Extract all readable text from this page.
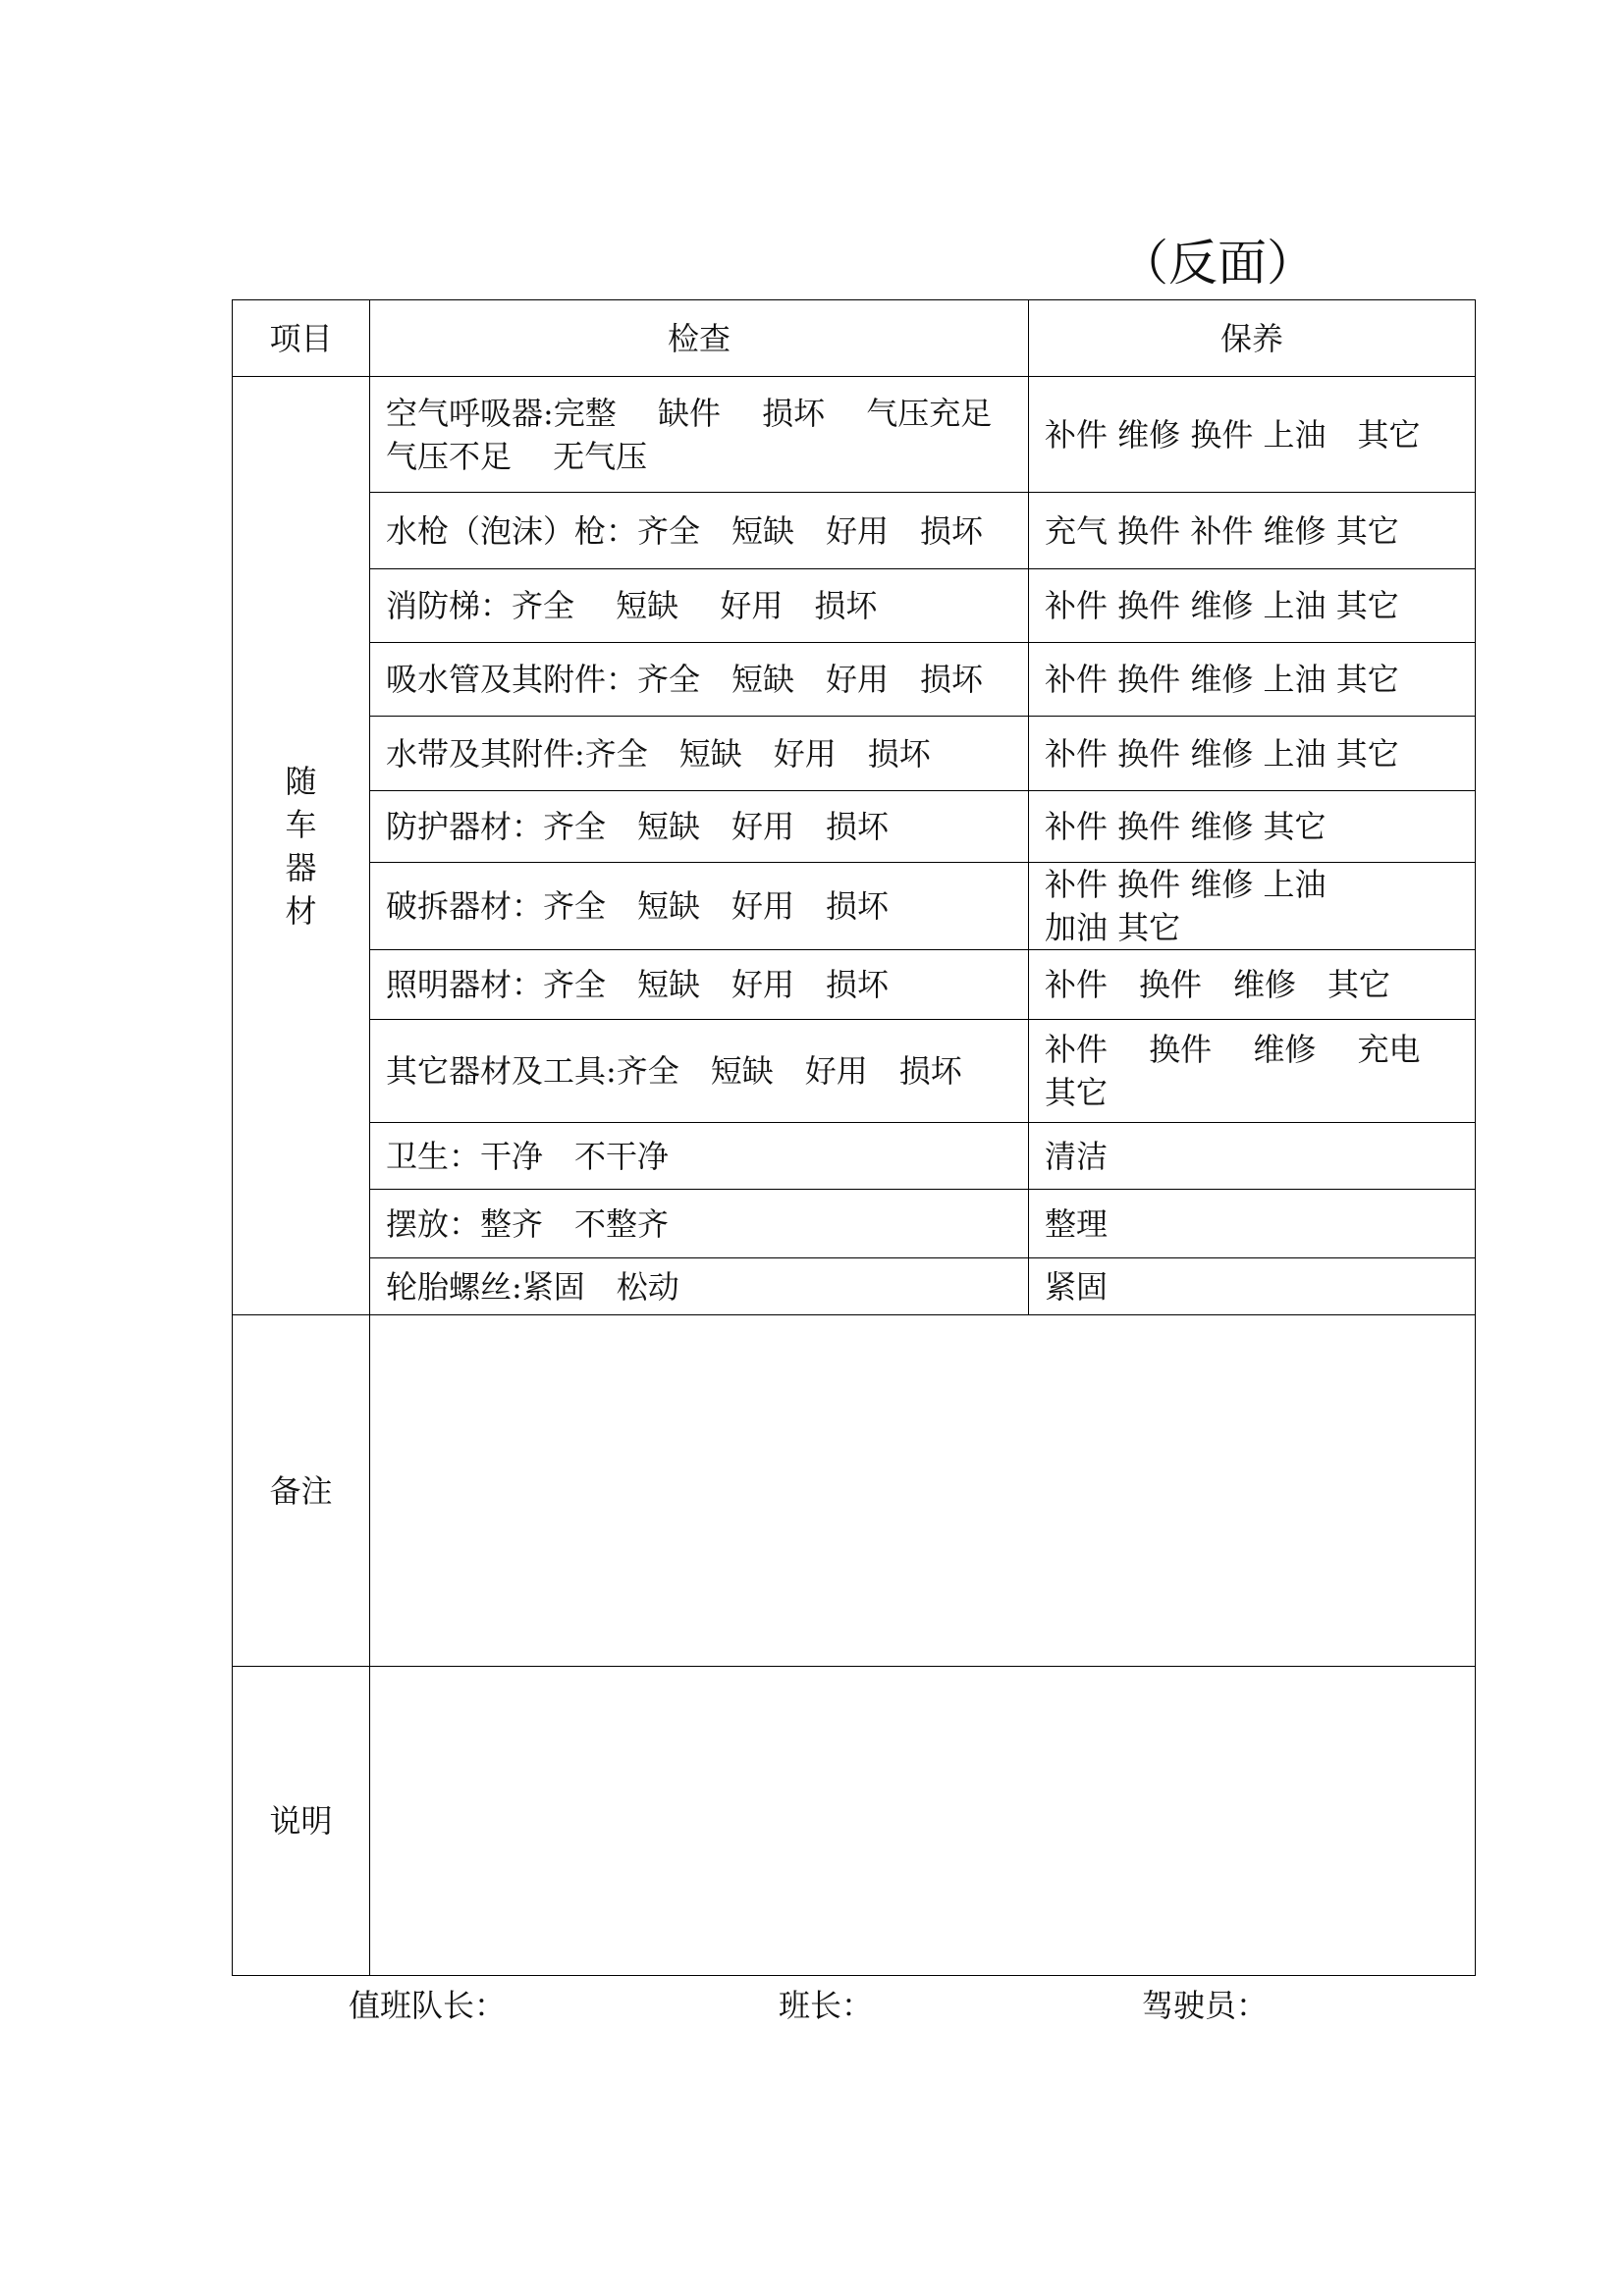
（反面）
项目	检查	保养

随
车
器
材	空气呼吸器:完整　 缺件　 损坏　 气压充足　 气压不足　 无气压	补件 维修 换件 上油　其它
	水枪（泡沫）枪：齐全　短缺　好用　损坏	充气 换件 补件 维修 其它
	消防梯：齐全　 短缺　 好用　损坏	补件 换件 维修 上油 其它
	吸水管及其附件：齐全　短缺　好用　损坏	补件 换件 维修 上油 其它
	水带及其附件:齐全　短缺　好用　损坏	补件 换件 维修 上油 其它
	防护器材：齐全　短缺　好用　损坏	补件 换件 维修 其它
	破拆器材：齐全　短缺　好用　损坏	补件 换件 维修 上油 加油 其它
	照明器材：齐全　短缺　好用　损坏	补件　换件　维修　其它
	其它器材及工具:齐全　短缺　好用　损坏	补件　 换件　 维修　 充电 其它
	卫生：干净　不干净	清洁
	摆放：整齐　不整齐	整理
	轮胎螺丝:紧固　松动	紧固
备注		
说明		
值班队长：	班长：	驾驶员：
